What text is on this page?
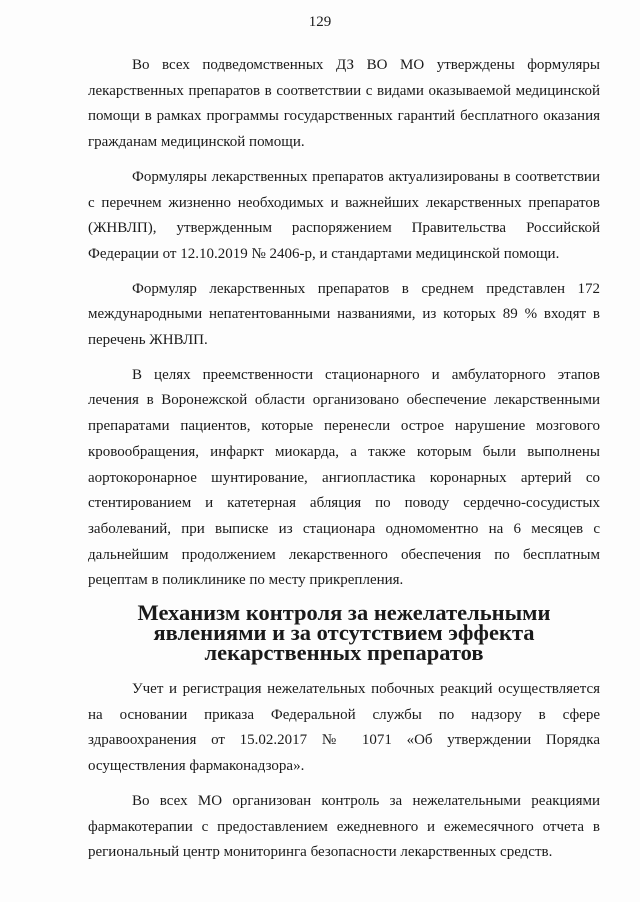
129

Во всех подведомственных ДЗ ВО МО утверждены формуляры лекарственных препаратов в соответствии с видами оказываемой медицинской помощи в рамках программы государственных гарантий бесплатного оказания гражданам медицинской помощи.

Формуляры лекарственных препаратов актуализированы в соответствии с перечнем жизненно необходимых и важнейших лекарственных препаратов (ЖНВЛП), утвержденным распоряжением Правительства Российской Федерации от 12.10.2019 № 2406-р, и стандартами медицинской помощи.

Формуляр лекарственных препаратов в среднем представлен 172 международными непатентованными названиями, из которых 89 % входят в перечень ЖНВЛП.

В целях преемственности стационарного и амбулаторного этапов лечения в Воронежской области организовано обеспечение лекарственными препаратами пациентов, которые перенесли острое нарушение мозгового кровообращения, инфаркт миокарда, а также которым были выполнены аортокоронарное шунтирование, ангиопластика коронарных артерий со стентированием и катетерная абляция по поводу сердечно-сосудистых заболеваний, при выписке из стационара одномоментно на 6 месяцев с дальнейшим продолжением лекарственного обеспечения по бесплатным рецептам в поликлинике по месту прикрепления.

Механизм контроля за нежелательными явлениями и за отсутствием эффекта лекарственных препаратов

Учет и регистрация нежелательных побочных реакций осуществляется на основании приказа Федеральной службы по надзору в сфере здравоохранения от 15.02.2017 № 1071 «Об утверждении Порядка осуществления фармаконадзора».

Во всех МО организован контроль за нежелательными реакциями фармакотерапии с предоставлением ежедневного и ежемесячного отчета в региональный центр мониторинга безопасности лекарственных средств.
